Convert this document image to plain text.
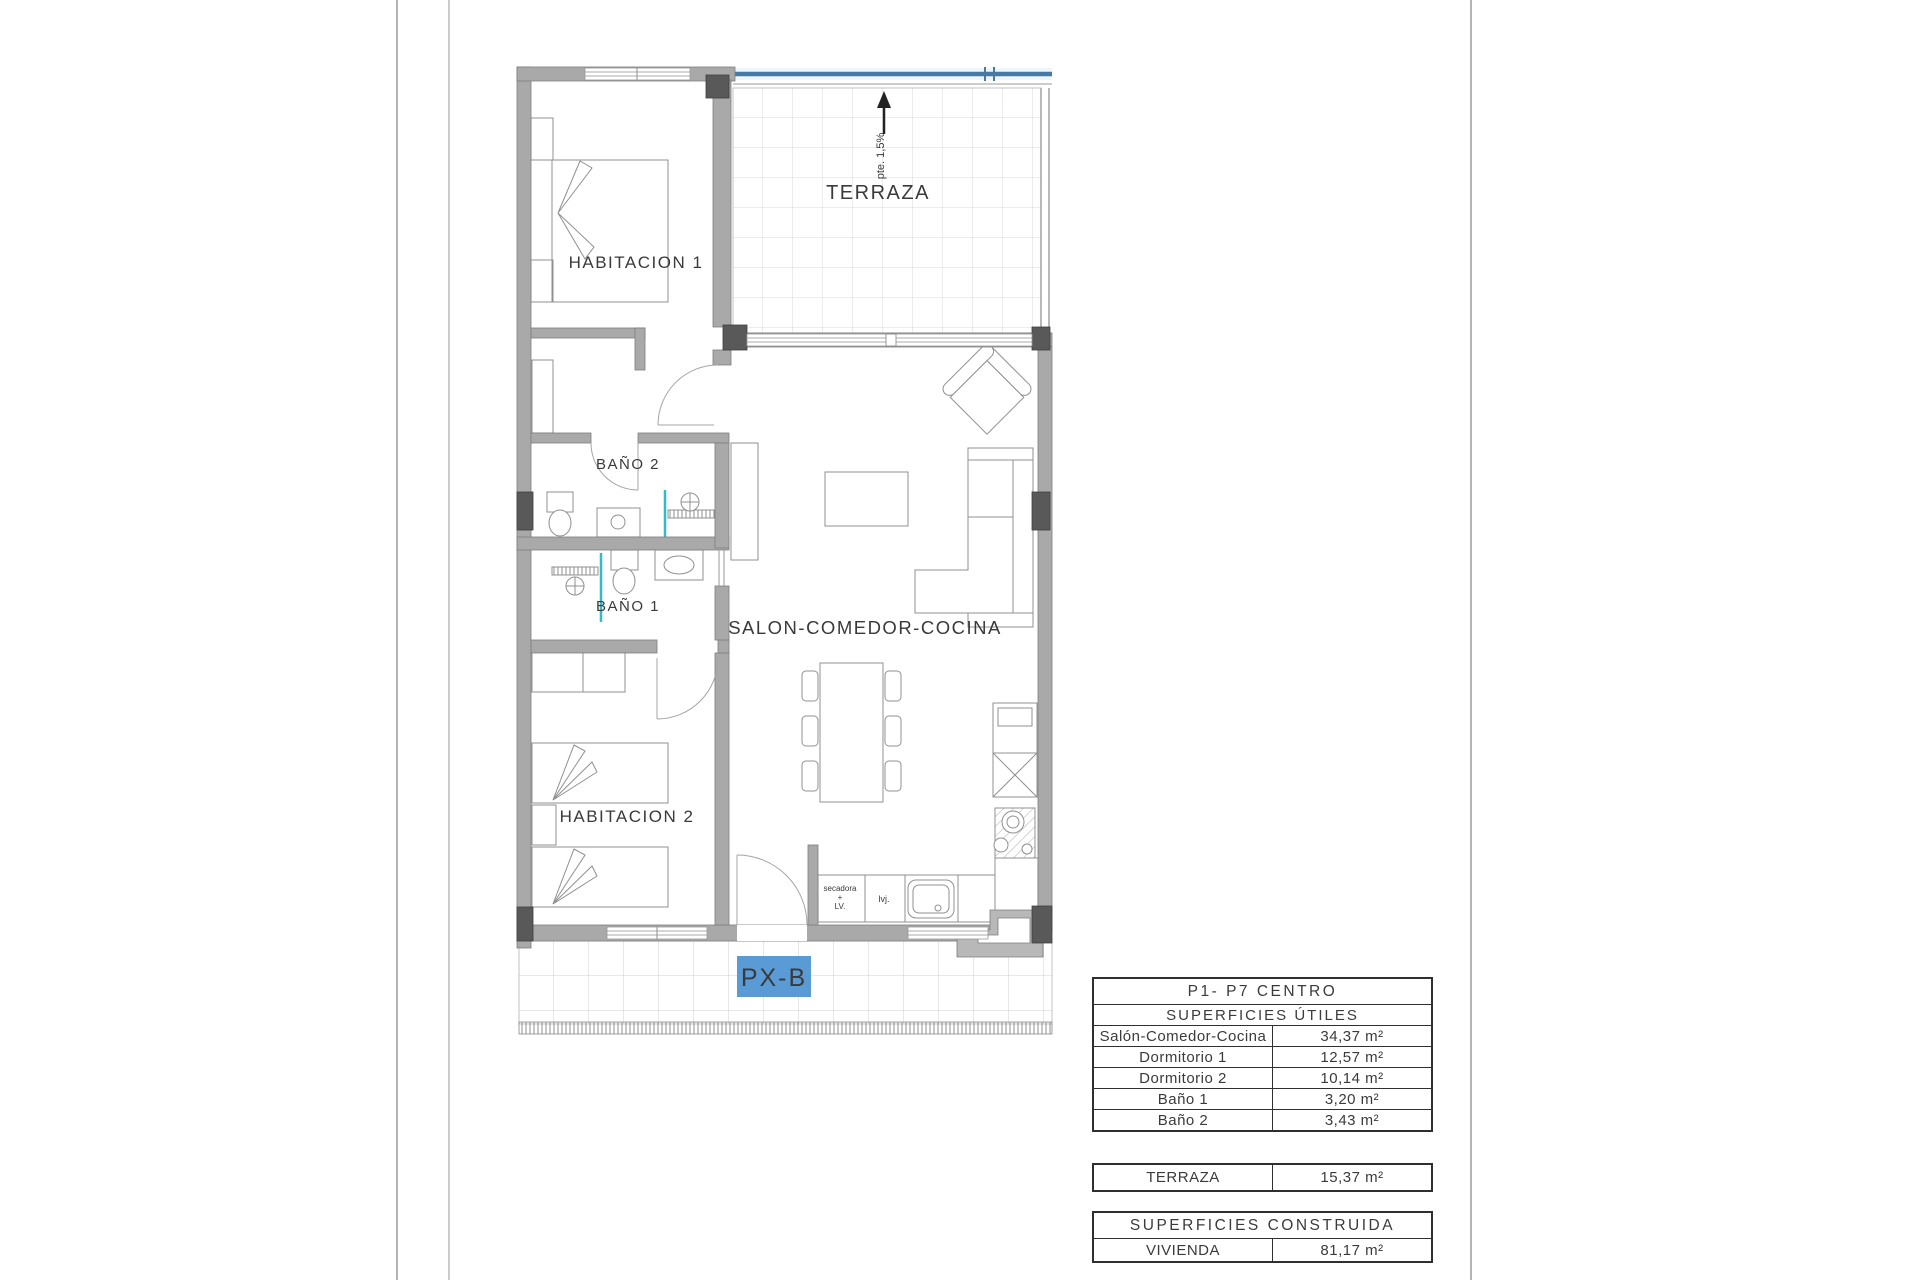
pte. 1,5%
secadora
+
LV.
lvj.
PX-B
HABITACION 1
TERRAZA
BAÑO 2
BAÑO 1
SALON-COMEDOR-COCINA
HABITACION 2
P1- P7 CENTRO
SUPERFICIES ÚTILES
Salón-Comedor-Cocina	34,37 m²
Dormitorio 1	12,57 m²
Dormitorio 2	10,14 m²
Baño 1	3,20 m²
Baño 2	3,43 m²
TERRAZA	15,37 m²
SUPERFICIES CONSTRUIDA
VIVIENDA	81,17 m²
